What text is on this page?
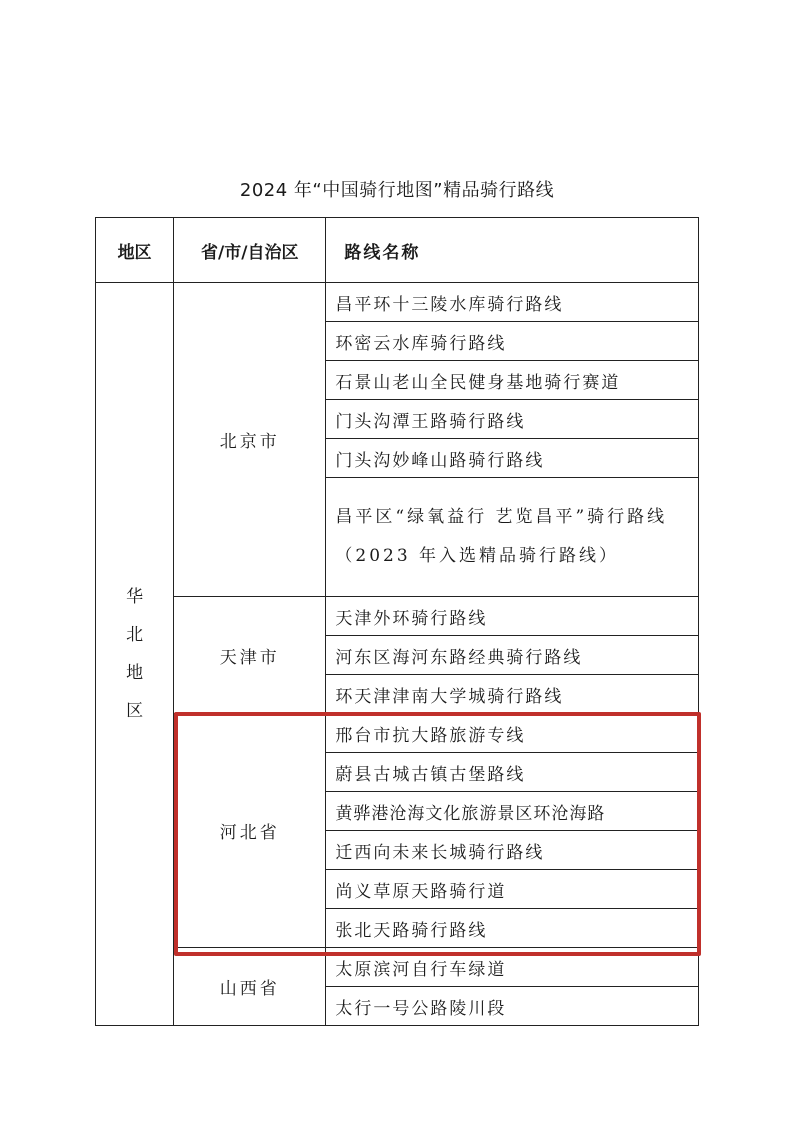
2024 年“中国骑行地图”精品骑行路线
地区	省/市/自治区	路线名称
华北地区	北京市	昌平环十三陵水库骑行路线
		环密云水库骑行路线
		石景山老山全民健身基地骑行赛道
		门头沟潭王路骑行路线
		门头沟妙峰山路骑行路线
		昌平区“绿氧益行 艺览昌平”骑行路线（2023 年入选精品骑行路线）
	天津市	天津外环骑行路线
		河东区海河东路经典骑行路线
		环天津津南大学城骑行路线
	河北省	邢台市抗大路旅游专线
		蔚县古城古镇古堡路线
		黄骅港沧海文化旅游景区环沧海路
		迁西向未来长城骑行路线
		尚义草原天路骑行道
		张北天路骑行路线
	山西省	太原滨河自行车绿道
		太行一号公路陵川段
